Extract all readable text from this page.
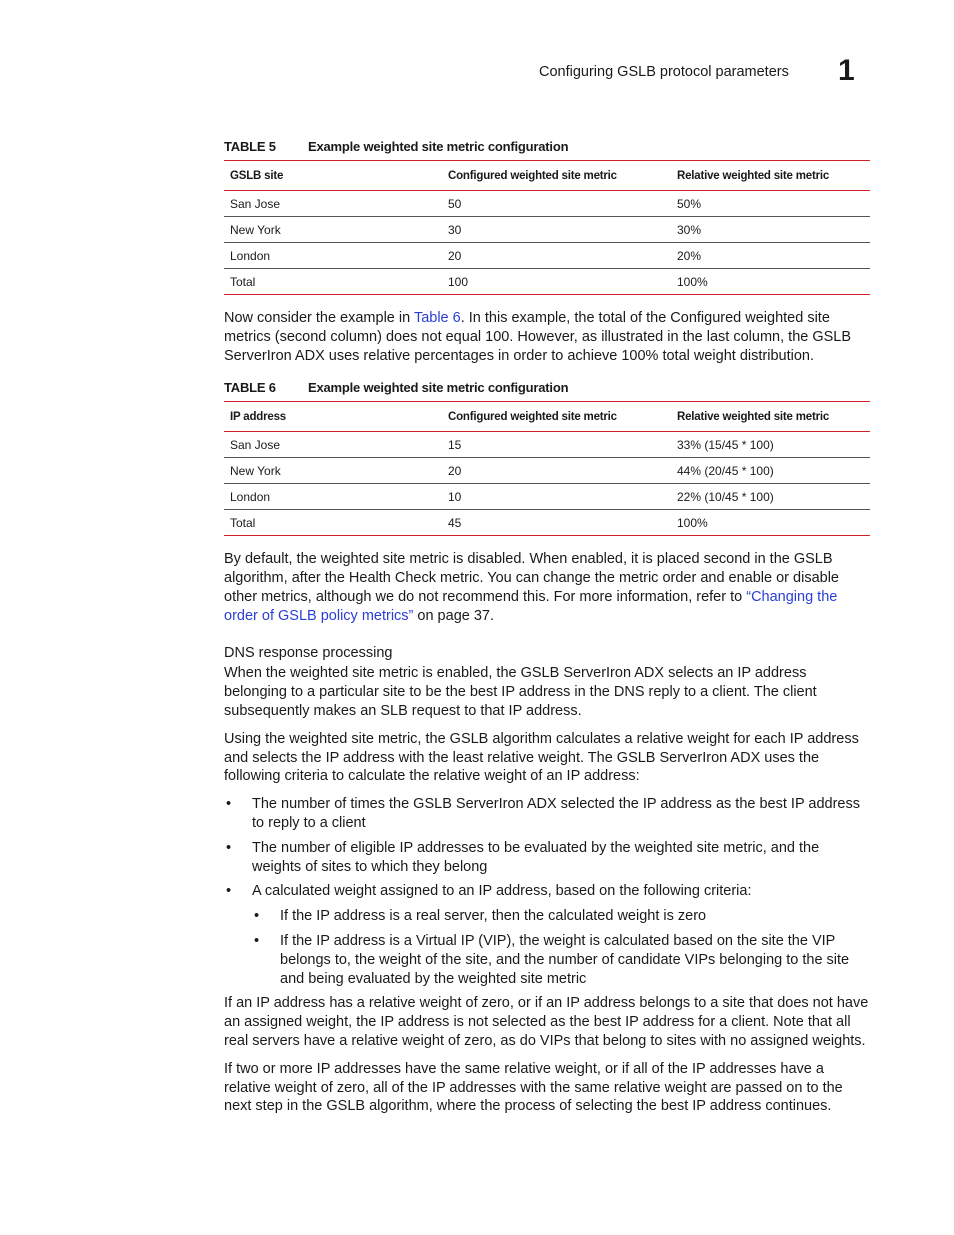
Configuring GSLB protocol parameters 1
TABLE 5 Example weighted site metric configuration
GSLB site	Configured weighted site metric	Relative weighted site metric
San Jose	50	50%
New York	30	30%
London	20	20%
Total	100	100%

Now consider the example in Table 6. In this example, the total of the Configured weighted site metrics (second column) does not equal 100. However, as illustrated in the last column, the GSLB ServerIron ADX uses relative percentages in order to achieve 100% total weight distribution.

TABLE 6 Example weighted site metric configuration
IP address	Configured weighted site metric	Relative weighted site metric
San Jose	15	33% (15/45 * 100)
New York	20	44% (20/45 * 100)
London	10	22% (10/45 * 100)
Total	45	100%

By default, the weighted site metric is disabled. When enabled, it is placed second in the GSLB algorithm, after the Health Check metric. You can change the metric order and enable or disable other metrics, although we do not recommend this. For more information, refer to “Changing the order of GSLB policy metrics” on page 37.

DNS response processing

When the weighted site metric is enabled, the GSLB ServerIron ADX selects an IP address belonging to a particular site to be the best IP address in the DNS reply to a client. The client subsequently makes an SLB request to that IP address.

Using the weighted site metric, the GSLB algorithm calculates a relative weight for each IP address and selects the IP address with the least relative weight. The GSLB ServerIron ADX uses the following criteria to calculate the relative weight of an IP address:

• The number of times the GSLB ServerIron ADX selected the IP address as the best IP address to reply to a client
• The number of eligible IP addresses to be evaluated by the weighted site metric, and the weights of sites to which they belong
• A calculated weight assigned to an IP address, based on the following criteria:
• If the IP address is a real server, then the calculated weight is zero
• If the IP address is a Virtual IP (VIP), the weight is calculated based on the site the VIP belongs to, the weight of the site, and the number of candidate VIPs belonging to the site and being evaluated by the weighted site metric

If an IP address has a relative weight of zero, or if an IP address belongs to a site that does not have an assigned weight, the IP address is not selected as the best IP address for a client. Note that all real servers have a relative weight of zero, as do VIPs that belong to sites with no assigned weights.

If two or more IP addresses have the same relative weight, or if all of the IP addresses have a relative weight of zero, all of the IP addresses with the same relative weight are passed on to the next step in the GSLB algorithm, where the process of selecting the best IP address continues.
